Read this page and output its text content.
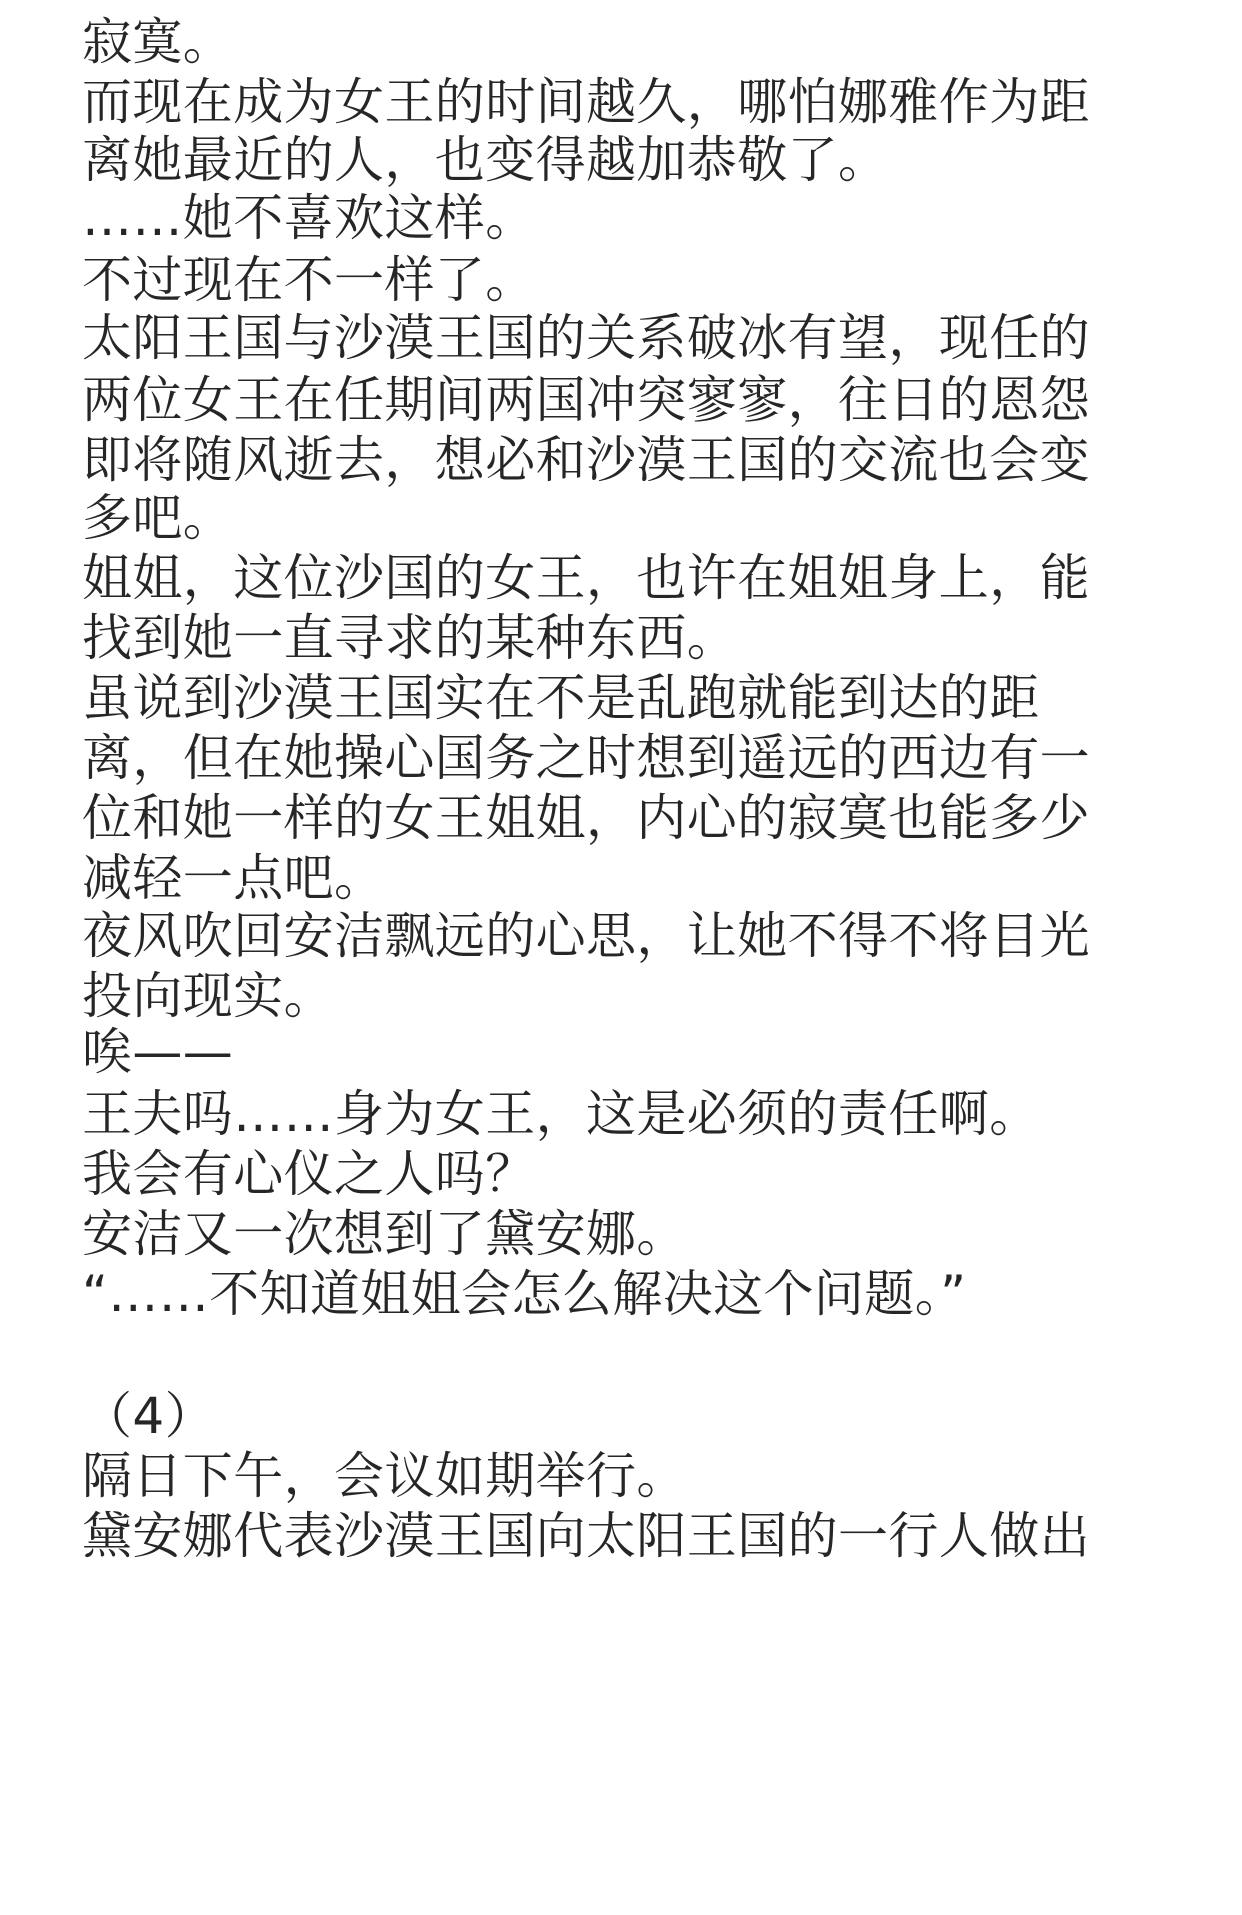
寂寞。

而现在成为女王的时间越久，哪怕娜雅作为距

离她最近的人，也变得越加恭敬了。

……她不喜欢这样。

不过现在不一样了。

太阳王国与沙漠王国的关系破冰有望，现任的

两位女王在任期间两国冲突寥寥，往日的恩怨

即将随风逝去，想必和沙漠王国的交流也会变

多吧。

姐姐，这位沙国的女王，也许在姐姐身上，能

找到她一直寻求的某种东西。

虽说到沙漠王国实在不是乱跑就能到达的距

离，但在她操心国务之时想到遥远的西边有一

位和她一样的女王姐姐，内心的寂寞也能多少

减轻一点吧。

夜风吹回安洁飘远的心思，让她不得不将目光

投向现实。

唉——

王夫吗……身为女王，这是必须的责任啊。

我会有心仪之人吗？

安洁又一次想到了黛安娜。

“……不知道姐姐会怎么解决这个问题。”

（4）

隔日下午，会议如期举行。

黛安娜代表沙漠王国向太阳王国的一行人做出
